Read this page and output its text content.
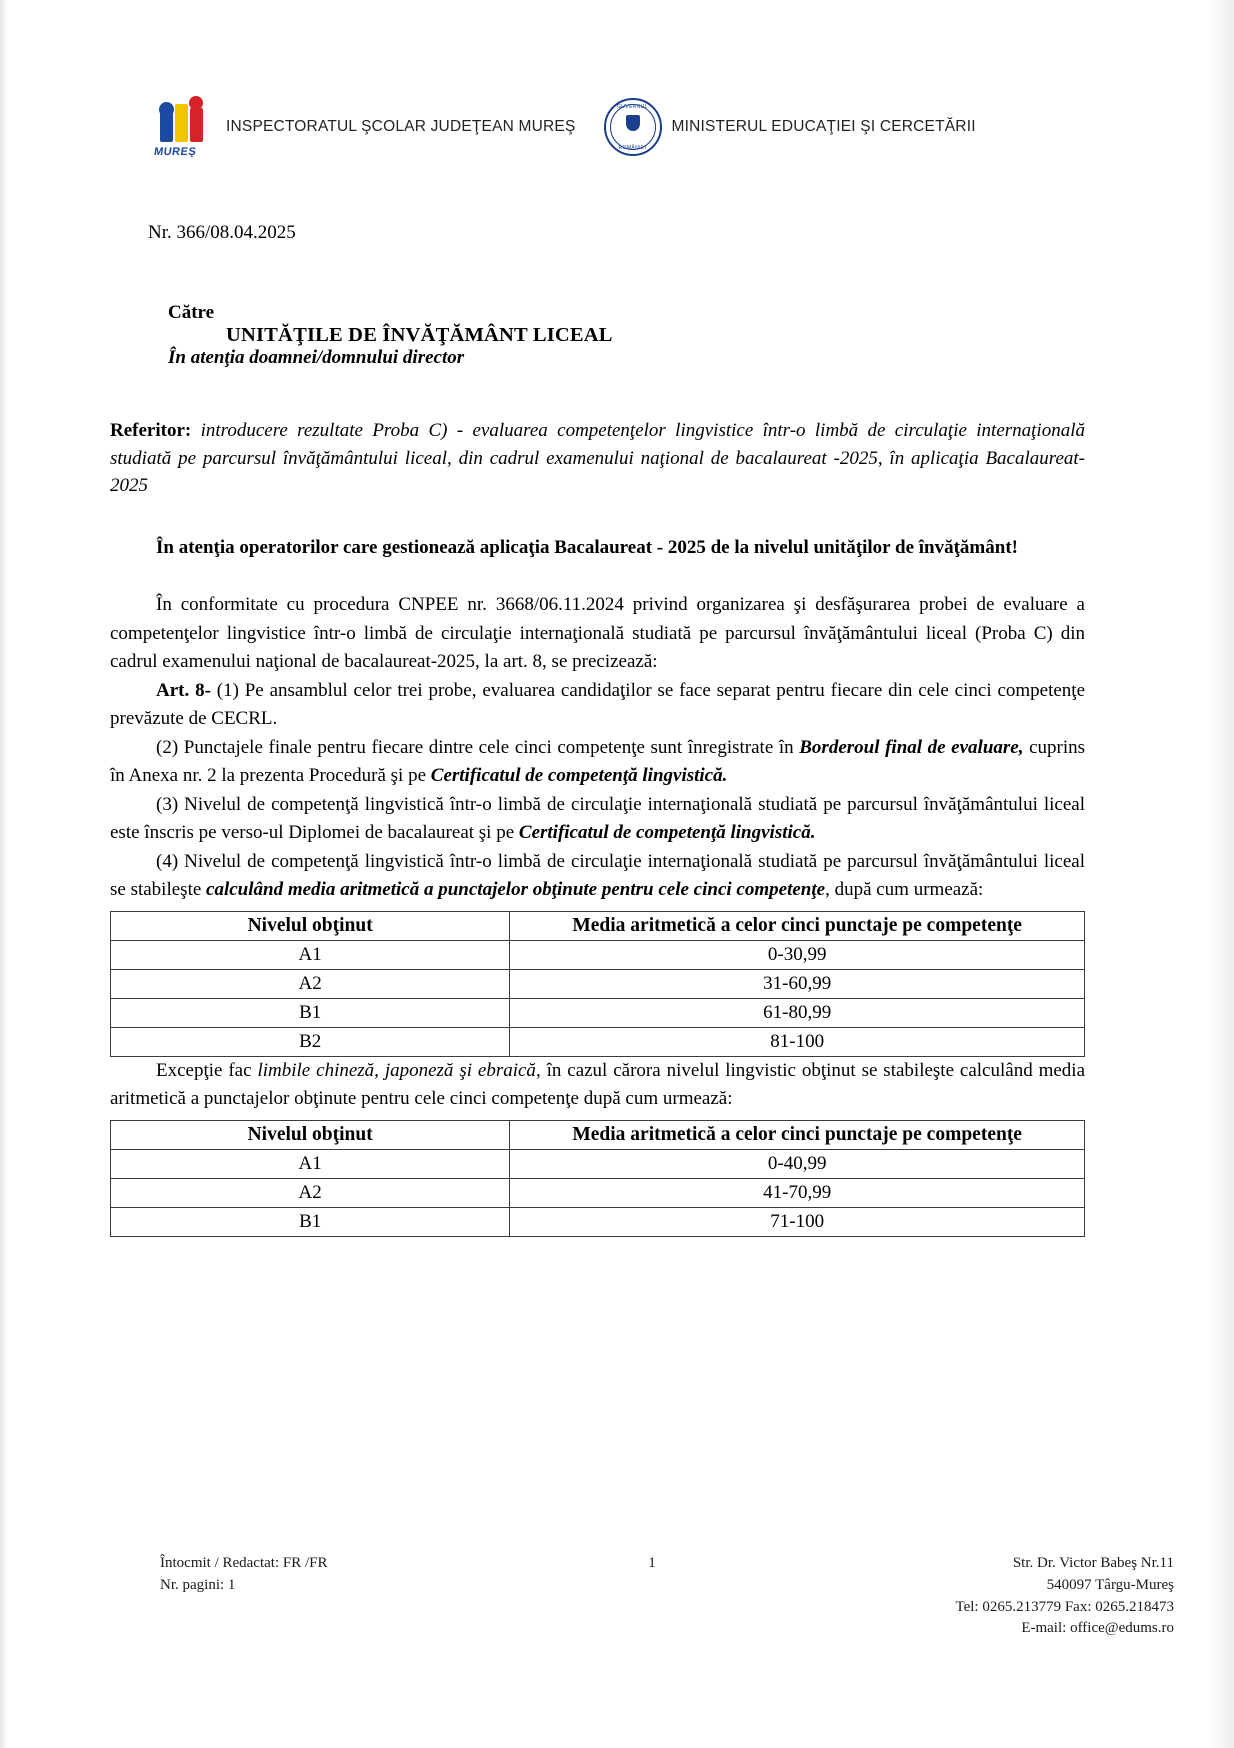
MUREŞ
INSPECTORATUL ŞCOLAR JUDEŢEAN MUREŞ
GUVERNUL
ROMÂNIEI
MINISTERUL EDUCAŢIEI ŞI CERCETĂRII
Nr. 366/08.04.2025
Către
UNITĂŢILE DE ÎNVĂŢĂMÂNT LICEAL
În atenţia doamnei/domnului director
Referitor: introducere rezultate Proba C) - evaluarea competenţelor lingvistice într-o limbă de circulaţie internaţională studiată pe parcursul învăţământului liceal, din cadrul examenului naţional de bacalaureat -2025, în aplicaţia Bacalaureat-2025
În atenţia operatorilor care gestionează aplicaţia Bacalaureat - 2025 de la nivelul unităţilor de învăţământ!

În conformitate cu procedura CNPEE nr. 3668/06.11.2024 privind organizarea şi desfăşurarea probei de evaluare a competenţelor lingvistice într-o limbă de circulaţie internaţională studiată pe parcursul învăţământului liceal (Proba C) din cadrul examenului naţional de bacalaureat-2025, la art. 8, se precizează:

Art. 8- (1) Pe ansamblul celor trei probe, evaluarea candidaţilor se face separat pentru fiecare din cele cinci competenţe prevăzute de CECRL.

(2) Punctajele finale pentru fiecare dintre cele cinci competenţe sunt înregistrate în Borderoul final de evaluare, cuprins în Anexa nr. 2 la prezenta Procedură şi pe Certificatul de competenţă lingvistică.

(3) Nivelul de competenţă lingvistică într-o limbă de circulaţie internaţională studiată pe parcursul învăţământului liceal este înscris pe verso-ul Diplomei de bacalaureat şi pe Certificatul de competenţă lingvistică.

(4) Nivelul de competenţă lingvistică într-o limbă de circulaţie internaţională studiată pe parcursul învăţământului liceal se stabileşte calculând media aritmetică a punctajelor obţinute pentru cele cinci competenţe, după cum urmează:

Nivelul obţinut	Media aritmetică a celor cinci punctaje pe competenţe
A1	0-30,99
A2	31-60,99
B1	61-80,99
B2	81-100

Excepţie fac limbile chineză, japoneză şi ebraică, în cazul cărora nivelul lingvistic obţinut se stabileşte calculând media aritmetică a punctajelor obţinute pentru cele cinci competenţe după cum urmează:

Nivelul obţinut	Media aritmetică a celor cinci punctaje pe competenţe
A1	0-40,99
A2	41-70,99
B1	71-100
Întocmit / Redactat: FR /FR
Nr. pagini: 1
1	Str. Dr. Victor Babeş Nr.11
540097 Târgu-Mureş
Tel: 0265.213779 Fax: 0265.218473
E-mail: office@edums.ro
